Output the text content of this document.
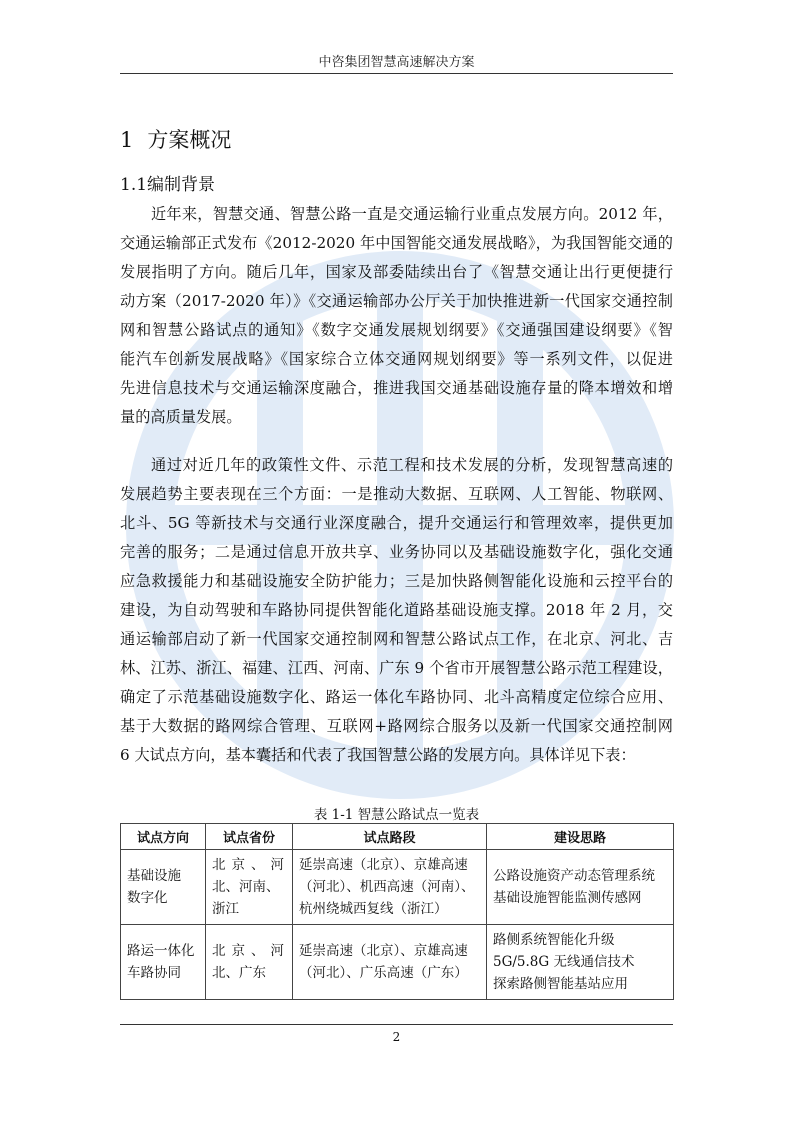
中咨集团智慧高速解决方案
1 方案概况
1.1编制背景
近年来，智慧交通、智慧公路一直是交通运输行业重点发展方向。2012 年，
交通运输部正式发布《2012-2020 年中国智能交通发展战略》，为我国智能交通的
发展指明了方向。随后几年，国家及部委陆续出台了《智慧交通让出行更便捷行
动方案（2017-2020 年）》《交通运输部办公厅关于加快推进新一代国家交通控制
网和智慧公路试点的通知》《数字交通发展规划纲要》《交通强国建设纲要》《智
能汽车创新发展战略》《国家综合立体交通网规划纲要》等一系列文件，以促进
先进信息技术与交通运输深度融合，推进我国交通基础设施存量的降本增效和增
量的高质量发展。
通过对近几年的政策性文件、示范工程和技术发展的分析，发现智慧高速的
发展趋势主要表现在三个方面：一是推动大数据、互联网、人工智能、物联网、
北斗、5G 等新技术与交通行业深度融合，提升交通运行和管理效率，提供更加
完善的服务；二是通过信息开放共享、业务协同以及基础设施数字化，强化交通
应急救援能力和基础设施安全防护能力；三是加快路侧智能化设施和云控平台的
建设，为自动驾驶和车路协同提供智能化道路基础设施支撑。2018 年 2 月，交
通运输部启动了新一代国家交通控制网和智慧公路试点工作，在北京、河北、吉
林、江苏、浙江、福建、江西、河南、广东 9 个省市开展智慧公路示范工程建设，
确定了示范基础设施数字化、路运一体化车路协同、北斗高精度定位综合应用、
基于大数据的路网综合管理、互联网+路网综合服务以及新一代国家交通控制网
6 大试点方向，基本囊括和代表了我国智慧公路的发展方向。具体详见下表：
表 1-1 智慧公路试点一览表
试点方向	试点省份	试点路段	建设思路

基础设施
数字化	北京、河
北、河南、
浙江	延崇高速（北京）、京雄高速
（河北）、机西高速（河南）、
杭州绕城西复线（浙江）	公路设施资产动态管理系统
基础设施智能监测传感网

路运一体化
车路协同	北京、河
北、广东	延崇高速（北京）、京雄高速
（河北）、广乐高速（广东）	路侧系统智能化升级
5G/5.8G 无线通信技术
探索路侧智能基站应用
2
